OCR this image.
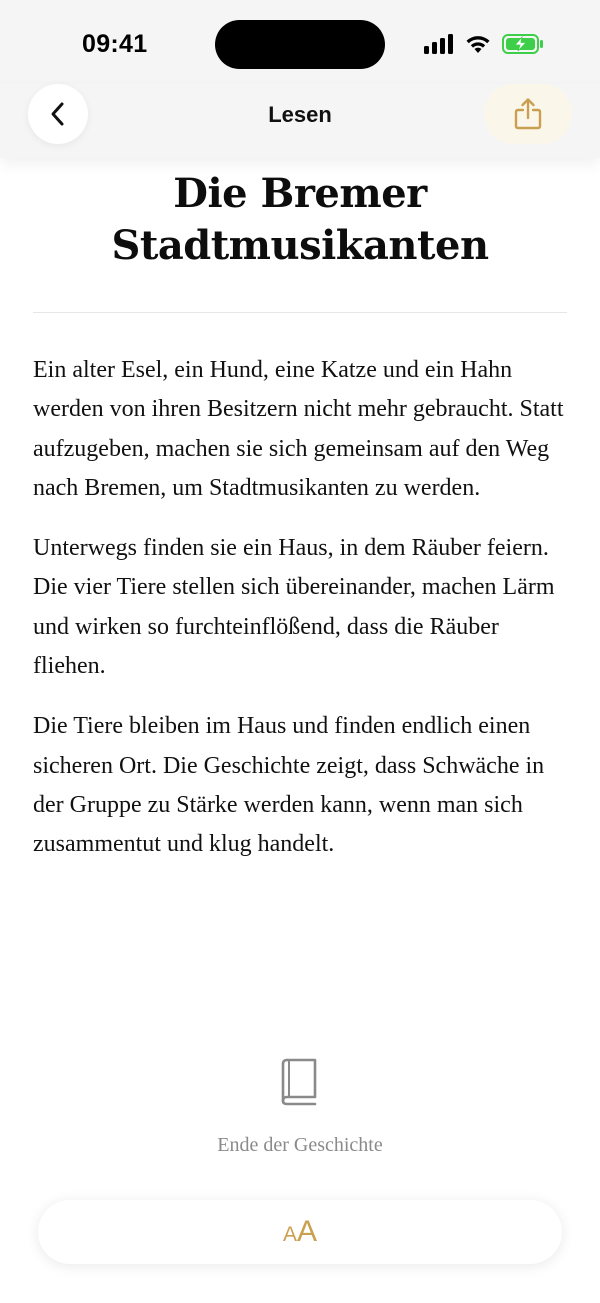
09:41
Lesen
Die Bremer
Stadtmusikanten

Ein alter Esel, ein Hund, eine Katze und ein Hahn werden von ihren Besitzern nicht mehr gebraucht. Statt aufzugeben, machen sie sich gemeinsam auf den Weg nach Bremen, um Stadtmusikanten zu werden.

Unterwegs finden sie ein Haus, in dem Räuber feiern. Die vier Tiere stellen sich übereinander, machen Lärm und wirken so furchteinflößend, dass die Räuber fliehen.

Die Tiere bleiben im Haus und finden endlich einen sicheren Ort. Die Geschichte zeigt, dass Schwäche in der Gruppe zu Stärke werden kann, wenn man sich zusammentut und klug handelt.

Ende der Geschichte
A A
